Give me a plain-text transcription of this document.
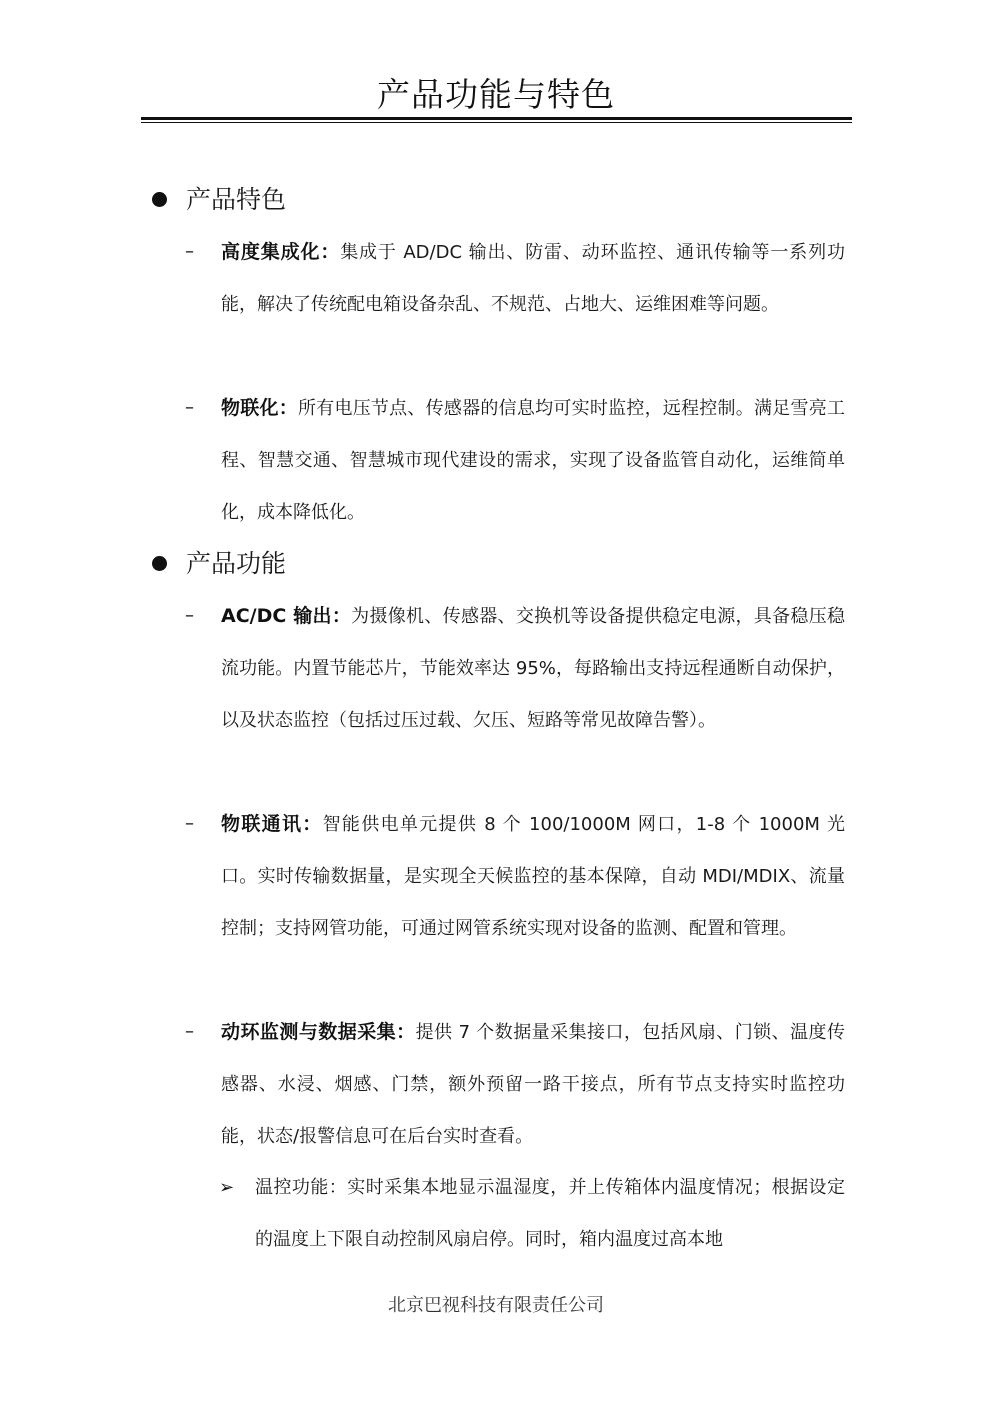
产品功能与特色
产品特色
– 高度集成化：集成于 AD/DC 输出、防雷、动环监控、通讯传输等一系列功能，解决了传统配电箱设备杂乱、不规范、占地大、运维困难等问题。
– 物联化：所有电压节点、传感器的信息均可实时监控，远程控制。满足雪亮工程、智慧交通、智慧城市现代建设的需求，实现了设备监管自动化，运维简单化，成本降低化。
产品功能
– AC/DC 输出：为摄像机、传感器、交换机等设备提供稳定电源，具备稳压稳流功能。内置节能芯片，节能效率达 95%，每路输出支持远程通断自动保护，以及状态监控（包括过压过载、欠压、短路等常见故障告警）。
– 物联通讯：智能供电单元提供 8 个 100/1000M 网口，1-8 个 1000M 光口。实时传输数据量，是实现全天候监控的基本保障，自动 MDI/MDIX、流量控制；支持网管功能，可通过网管系统实现对设备的监测、配置和管理。
– 动环监测与数据采集：提供 7 个数据量采集接口，包括风扇、门锁、温度传感器、水浸、烟感、门禁，额外预留一路干接点，所有节点支持实时监控功能，状态/报警信息可在后台实时查看。
➢ 温控功能：实时采集本地显示温湿度，并上传箱体内温度情况；根据设定的温度上下限自动控制风扇启停。同时，箱内温度过高本地
北京巴视科技有限责任公司
